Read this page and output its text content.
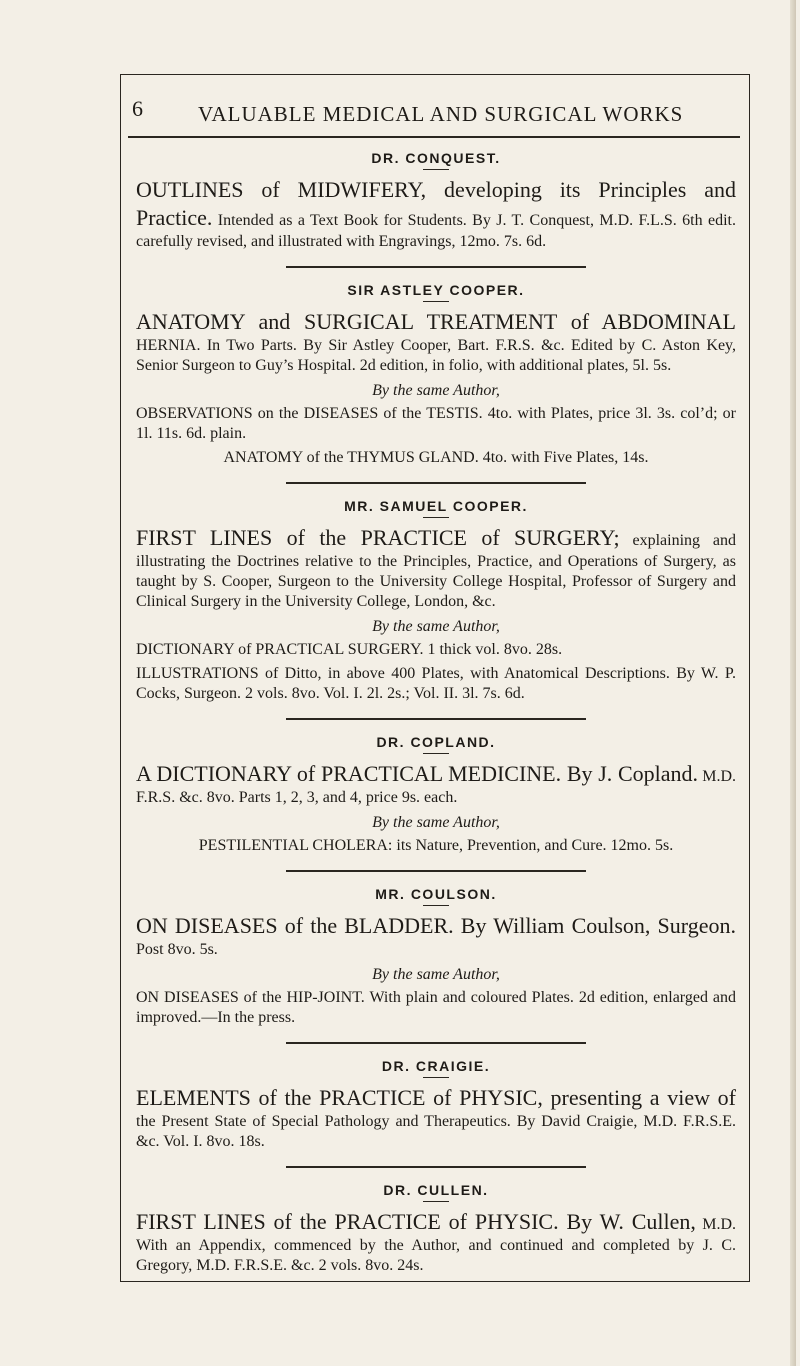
6	VALUABLE MEDICAL AND SURGICAL WORKS
DR. CONQUEST.

OUTLINES of MIDWIFERY, developing its Principles and Practice. Intended as a Text Book for Students. By J. T. Conquest, M.D. F.L.S. 6th edit. carefully revised, and illustrated with Engravings, 12mo. 7s. 6d.

SIR ASTLEY COOPER.

ANATOMY and SURGICAL TREATMENT of ABDOMINAL HERNIA. In Two Parts. By Sir Astley Cooper, Bart. F.R.S. &c. Edited by C. Aston Key, Senior Surgeon to Guy’s Hospital. 2d edition, in folio, with additional plates, 5l. 5s.

By the same Author,

OBSERVATIONS on the DISEASES of the TESTIS. 4to. with Plates, price 3l. 3s. col’d; or 1l. 11s. 6d. plain.

ANATOMY of the THYMUS GLAND. 4to. with Five Plates, 14s.

MR. SAMUEL COOPER.

FIRST LINES of the PRACTICE of SURGERY; explaining and illustrating the Doctrines relative to the Principles, Practice, and Operations of Surgery, as taught by S. Cooper, Surgeon to the University College Hospital, Professor of Surgery and Clinical Surgery in the University College, London, &c.

By the same Author,

DICTIONARY of PRACTICAL SURGERY. 1 thick vol. 8vo. 28s.

ILLUSTRATIONS of Ditto, in above 400 Plates, with Anatomical Descriptions. By W. P. Cocks, Surgeon. 2 vols. 8vo. Vol. I. 2l. 2s.; Vol. II. 3l. 7s. 6d.

DR. COPLAND.

A DICTIONARY of PRACTICAL MEDICINE. By J. Copland. M.D. F.R.S. &c. 8vo. Parts 1, 2, 3, and 4, price 9s. each.

By the same Author,

PESTILENTIAL CHOLERA: its Nature, Prevention, and Cure. 12mo. 5s.

MR. COULSON.

ON DISEASES of the BLADDER. By William Coulson, Surgeon. Post 8vo. 5s.

By the same Author,

ON DISEASES of the HIP-JOINT. With plain and coloured Plates. 2d edition, enlarged and improved.—In the press.

DR. CRAIGIE.

ELEMENTS of the PRACTICE of PHYSIC, presenting a view of the Present State of Special Pathology and Therapeutics. By David Craigie, M.D. F.R.S.E. &c. Vol. I. 8vo. 18s.

DR. CULLEN.

FIRST LINES of the PRACTICE of PHYSIC. By W. Cullen, M.D. With an Appendix, commenced by the Author, and continued and completed by J. C. Gregory, M.D. F.R.S.E. &c. 2 vols. 8vo. 24s.
